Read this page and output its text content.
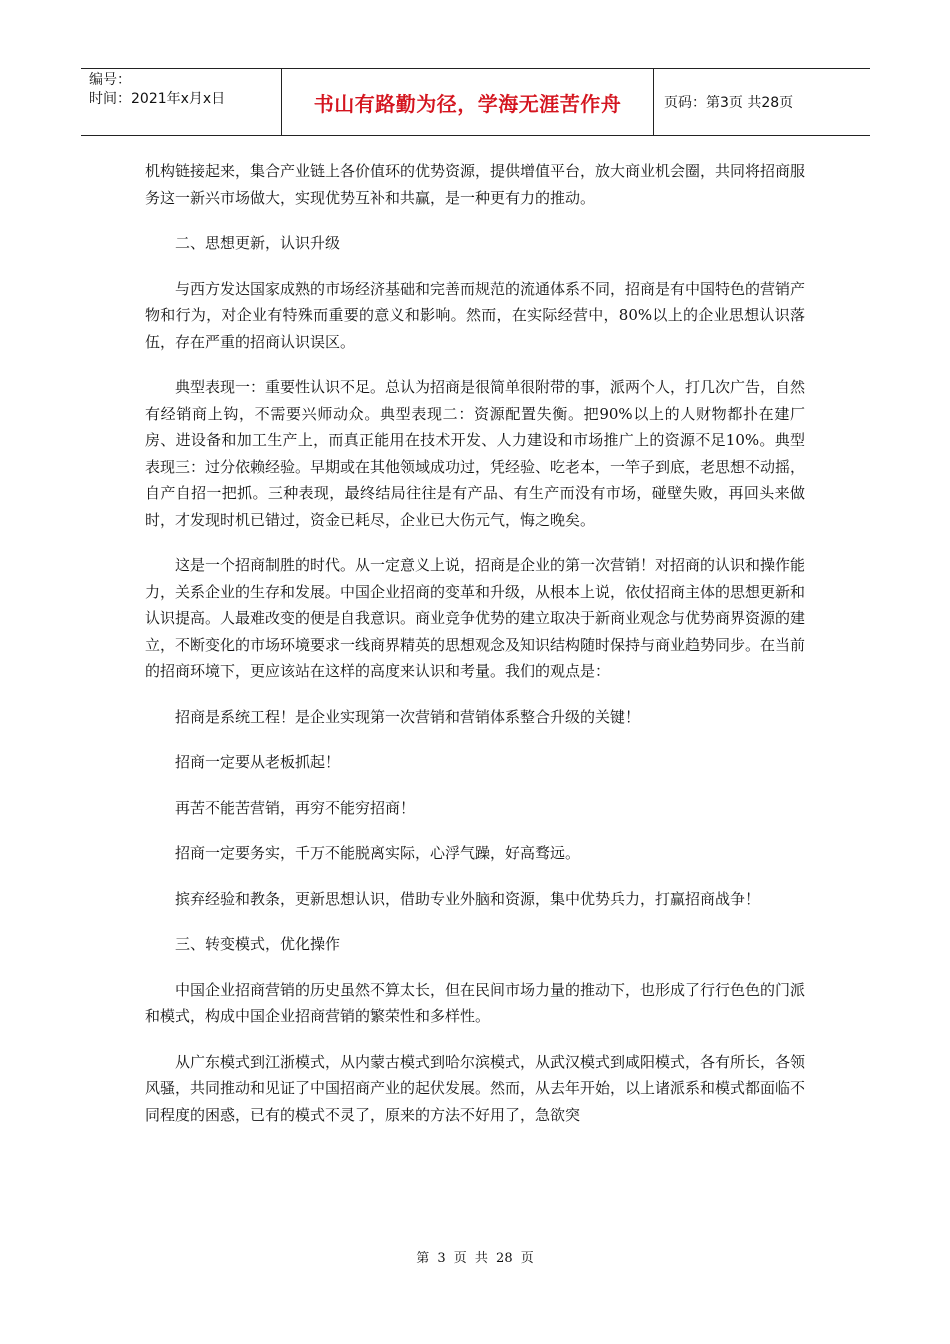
编号：
时间：2021年x月x日	书山有路勤为径，学海无涯苦作舟	页码：第3页 共28页

机构链接起来，集合产业链上各价值环的优势资源，提供增值平台，放大商业机会圈，共同将招商服务这一新兴市场做大，实现优势互补和共赢，是一种更有力的推动。

二、思想更新，认识升级

与西方发达国家成熟的市场经济基础和完善而规范的流通体系不同，招商是有中国特色的营销产物和行为，对企业有特殊而重要的意义和影响。然而，在实际经营中，80%以上的企业思想认识落伍，存在严重的招商认识误区。

典型表现一：重要性认识不足。总认为招商是很简单很附带的事，派两个人，打几次广告，自然有经销商上钩，不需要兴师动众。典型表现二：资源配置失衡。把90%以上的人财物都扑在建厂房、进设备和加工生产上，而真正能用在技术开发、人力建设和市场推广上的资源不足10%。典型表现三：过分依赖经验。早期或在其他领域成功过，凭经验、吃老本，一竿子到底，老思想不动摇，自产自招一把抓。三种表现，最终结局往往是有产品、有生产而没有市场，碰壁失败，再回头来做时，才发现时机已错过，资金已耗尽，企业已大伤元气，悔之晚矣。

这是一个招商制胜的时代。从一定意义上说，招商是企业的第一次营销！对招商的认识和操作能力，关系企业的生存和发展。中国企业招商的变革和升级，从根本上说，依仗招商主体的思想更新和认识提高。人最难改变的便是自我意识。商业竞争优势的建立取决于新商业观念与优势商界资源的建立，不断变化的市场环境要求一线商界精英的思想观念及知识结构随时保持与商业趋势同步。在当前的招商环境下，更应该站在这样的高度来认识和考量。我们的观点是：

招商是系统工程！是企业实现第一次营销和营销体系整合升级的关键！

招商一定要从老板抓起！

再苦不能苦营销，再穷不能穷招商！

招商一定要务实，千万不能脱离实际，心浮气躁，好高骛远。

摈弃经验和教条，更新思想认识，借助专业外脑和资源，集中优势兵力，打赢招商战争！

三、转变模式，优化操作

中国企业招商营销的历史虽然不算太长，但在民间市场力量的推动下，也形成了行行色色的门派和模式，构成中国企业招商营销的繁荣性和多样性。

从广东模式到江浙模式，从内蒙古模式到哈尔滨模式，从武汉模式到咸阳模式，各有所长，各领风骚，共同推动和见证了中国招商产业的起伏发展。然而，从去年开始，以上诸派系和模式都面临不同程度的困惑，已有的模式不灵了，原来的方法不好用了，急欲突

第 3 页 共 28 页
